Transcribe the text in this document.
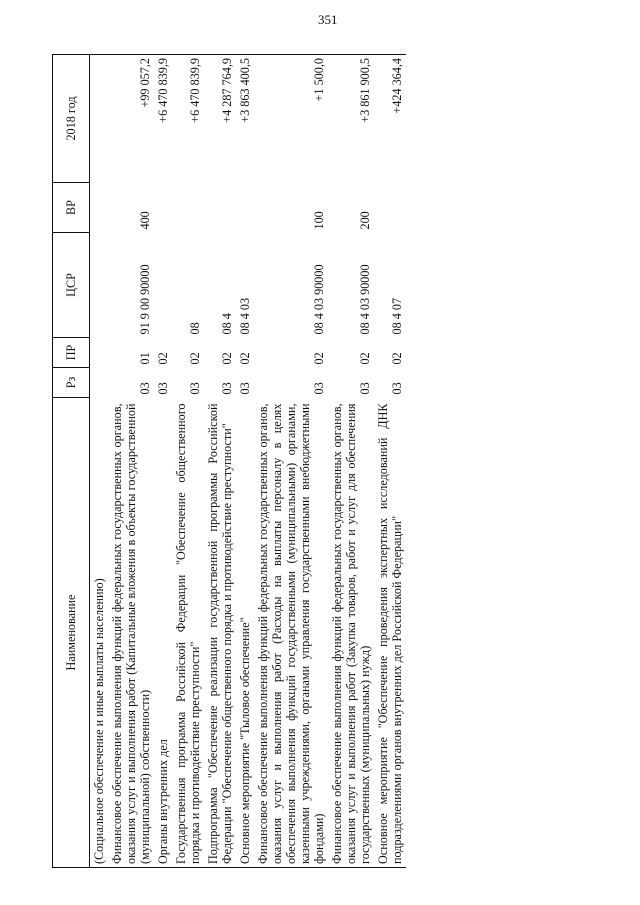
351
Наименование	Рз	ПР	ЦСР	ВР	2018 год
(Социальное обеспечение и иные выплаты населению)					
Финансовое обеспечение выполнения функций федеральных государственных органов, оказания услуг и выполнения работ (Капитальные вложения в объекты государственной (муниципальной) собственности)	03	01	91 9 00 90000	400	+99 057,2
Органы внутренних дел	03	02			+6 470 839,9
Государственная программа Российской Федерации "Обеспечение общественного порядка и противодействие преступности"	03	02	08		+6 470 839,9
Подпрограмма "Обеспечение реализации государственной программы Российской Федерации "Обеспечение общественного порядка и противодействие преступности"	03	02	08 4		+4 287 764,9
Основное мероприятие "Тыловое обеспечение"	03	02	08 4 03		+3 863 400,5
Финансовое обеспечение выполнения функций федеральных государственных органов, оказания услуг и выполнения работ (Расходы на выплаты персоналу в целях обеспечения выполнения функций государственными (муниципальными) органами, казенными учреждениями, органами управления государственными внебюджетными фондами)	03	02	08 4 03 90000	100	+1 500,0
Финансовое обеспечение выполнения функций федеральных государственных органов, оказания услуг и выполнения работ (Закупка товаров, работ и услуг для обеспечения государственных (муниципальных) нужд)	03	02	08 4 03 90000	200	+3 861 900,5
Основное мероприятие "Обеспечение проведения экспертных исследований ДНК подразделениями органов внутренних дел Российской Федерации"	03	02	08 4 07		+424 364,4
